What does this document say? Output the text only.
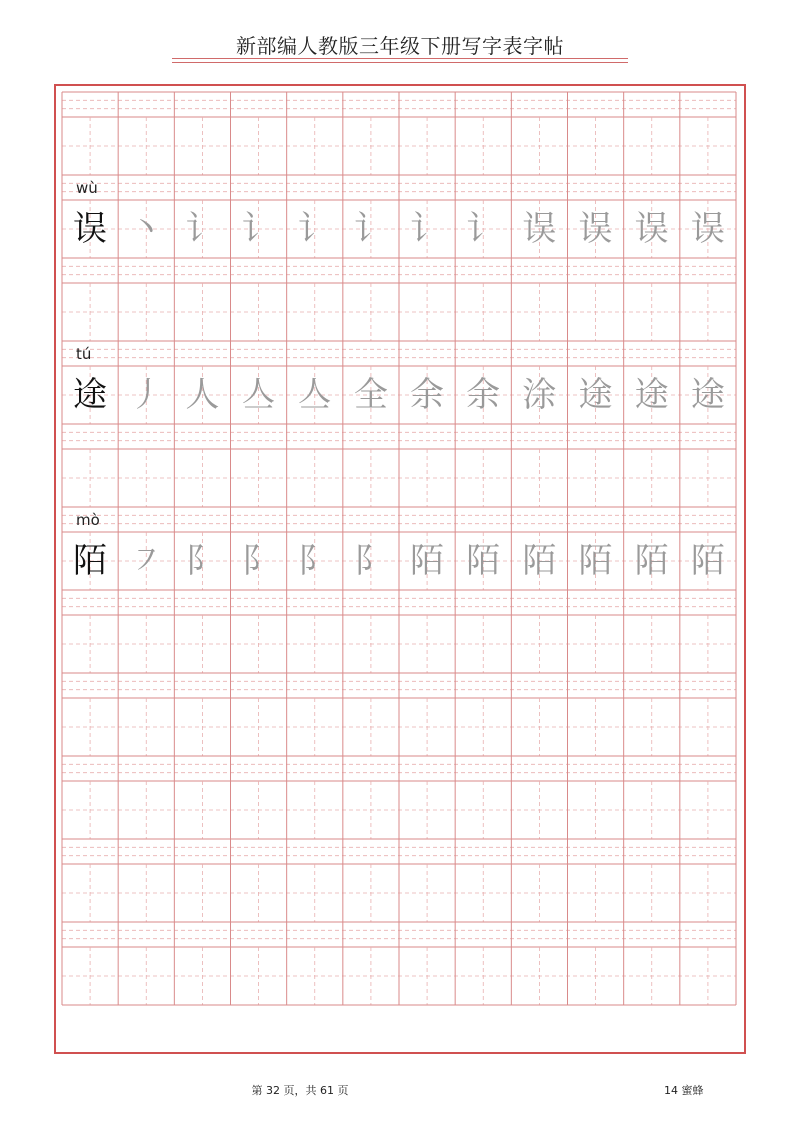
新部编人教版三年级下册写字表字帖
wù
tú
mò
误 丶 讠 讠 讠 讠 讠 讠 误 误 误 误
途 丿 人 亼 亼 全 余 余 涂 途 途 途
陌 ㇇ 阝 阝 阝 阝 陌 陌 陌 陌 陌 陌
第 32 页，共 61 页	14 蜜蜂
